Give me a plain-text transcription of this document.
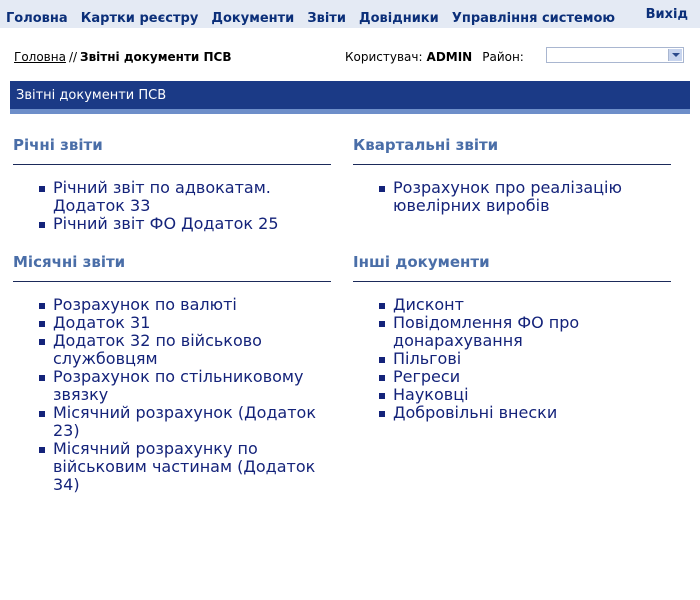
Головна Картки реєстру Документи Звіти Довідники Управління системою	Вихід
Головна // Звітні документи ПСВ	Користувач: ADMIN Район:
Звітні документи ПСВ
Річні звіти
Річний звіт по адвокатам. Додаток 33
Річний звіт ФО Додаток 25
Квартальні звіти
Розрахунок про реалізацію ювелірних виробів
Місячні звіти
Розрахунок по валюті
Додаток 31
Додаток 32 по військово службовцям
Розрахунок по стільниковому звязку
Місячний розрахунок (Додаток 23)
Місячний розрахунку по військовим частинам (Додаток 34)
Інші документи
Дисконт
Повідомлення ФО про донарахування
Пільгові
Регреси
Науковці
Добровільні внески
